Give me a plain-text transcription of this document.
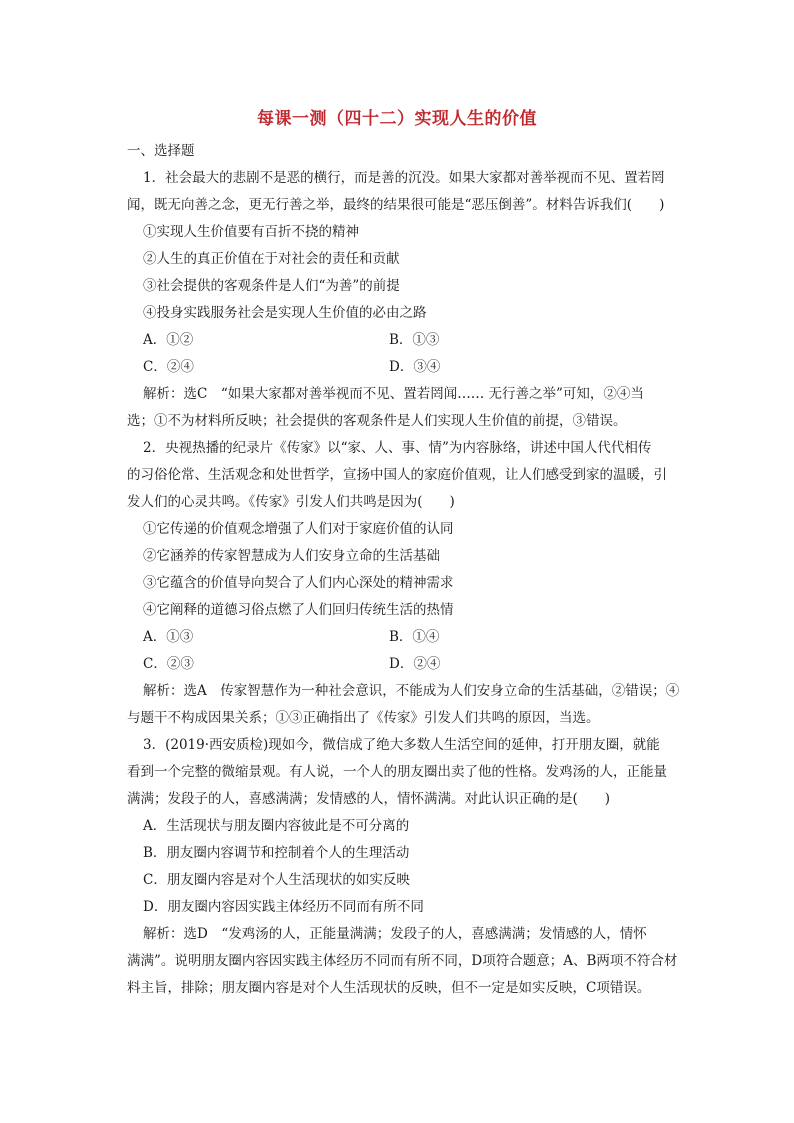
每课一测（四十二）实现人生的价值
一、选择题
1．社会最大的悲剧不是恶的横行，而是善的沉没。如果大家都对善举视而不见、置若罔
闻，既无向善之念，更无行善之举，最终的结果很可能是“恶压倒善”。材料告诉我们(　　)
①实现人生价值要有百折不挠的精神
②人生的真正价值在于对社会的责任和贡献
③社会提供的客观条件是人们“为善”的前提
④投身实践服务社会是实现人生价值的必由之路
A．①②	B．①③
C．②④	D．③④
解析：选C　“如果大家都对善举视而不见、置若罔闻…… 无行善之举”可知，②④当
选；①不为材料所反映；社会提供的客观条件是人们实现人生价值的前提，③错误。
2．央视热播的纪录片《传家》以“家、人、事、情”为内容脉络，讲述中国人代代相传
的习俗伦常、生活观念和处世哲学，宣扬中国人的家庭价值观，让人们感受到家的温暖，引
发人们的心灵共鸣。《传家》引发人们共鸣是因为(　　)
①它传递的价值观念增强了人们对于家庭价值的认同
②它涵养的传家智慧成为人们安身立命的生活基础
③它蕴含的价值导向契合了人们内心深处的精神需求
④它阐释的道德习俗点燃了人们回归传统生活的热情
A．①③	B．①④
C．②③	D．②④
解析：选A　传家智慧作为一种社会意识，不能成为人们安身立命的生活基础，②错误；④
与题干不构成因果关系；①③正确指出了《传家》引发人们共鸣的原因，当选。
3．(2019·西安质检)现如今，微信成了绝大多数人生活空间的延伸，打开朋友圈，就能
看到一个完整的微缩景观。有人说，一个人的朋友圈出卖了他的性格。发鸡汤的人，正能量
满满；发段子的人，喜感满满；发情感的人，情怀满满。对此认识正确的是(　　)
A．生活现状与朋友圈内容彼此是不可分离的
B．朋友圈内容调节和控制着个人的生理活动
C．朋友圈内容是对个人生活现状的如实反映
D．朋友圈内容因实践主体经历不同而有所不同
解析：选D　“发鸡汤的人，正能量满满；发段子的人，喜感满满；发情感的人，情怀
满满”。说明朋友圈内容因实践主体经历不同而有所不同，D项符合题意；A、B两项不符合材
料主旨，排除；朋友圈内容是对个人生活现状的反映，但不一定是如实反映，C项错误。
